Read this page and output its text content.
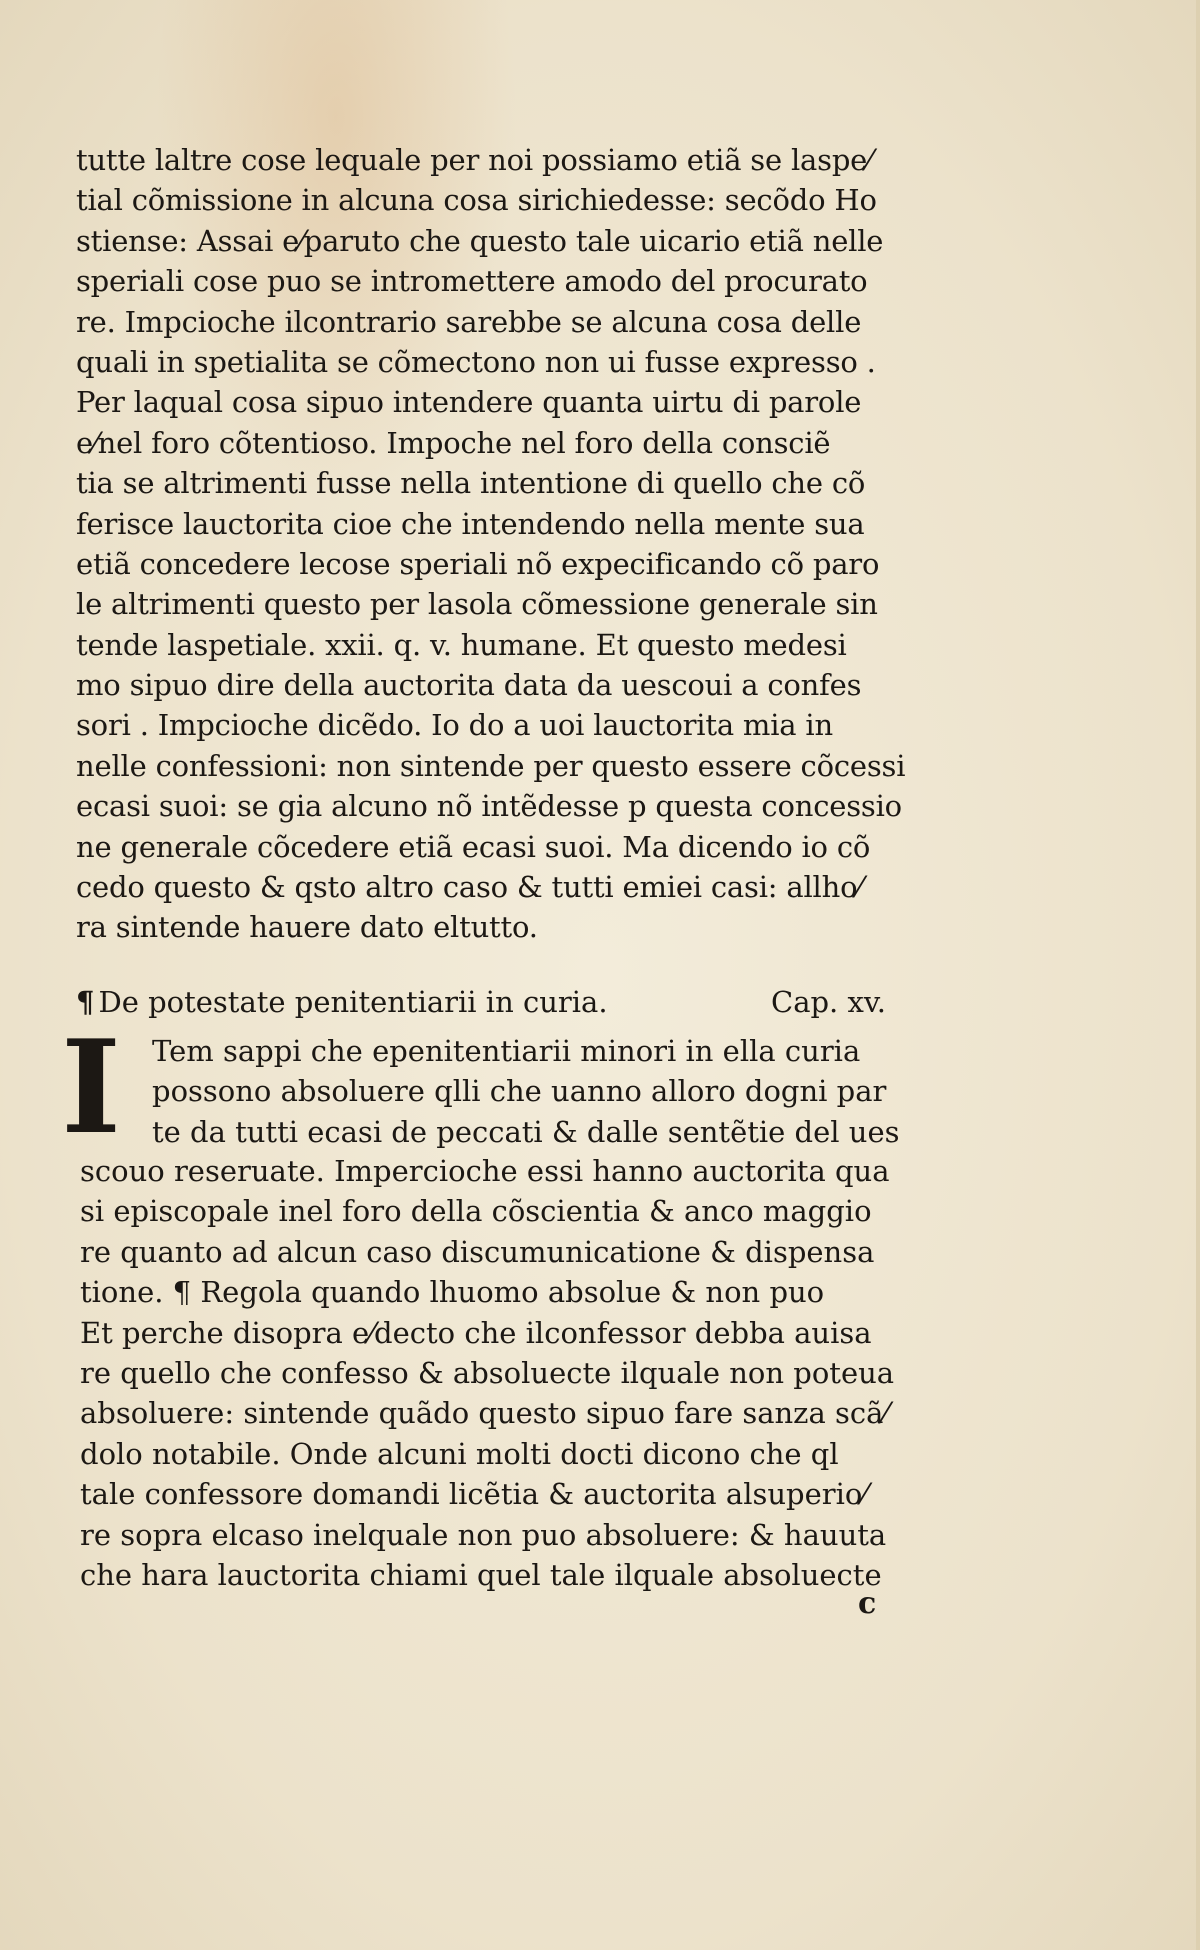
tutte laltre cose lequale per noi possiamo etiã se laspe⁄
tial cõmissione in alcuna cosa sirichiedesse: secõdo Ho
stiense: Assai e⁄paruto che questo tale uicario etiã nelle
speriali cose puo se intromettere amodo del procurato
re. Impcioche ilcontrario sarebbe se alcuna cosa delle
quali in spetialita se cõmectono non ui fusse expresso .
Per laqual cosa sipuo intendere quanta uirtu di parole
e⁄nel foro cõtentioso. Impoche nel foro della consciẽ
tia se altrimenti fusse nella intentione di quello che cõ
ferisce lauctorita cioe che intendendo nella mente sua
etiã concedere lecose speriali nõ expecificando cõ paro
le altrimenti questo per lasola cõmessione generale sin
tende laspetiale. xxii. q. v. humane. Et questo medesi
mo sipuo dire della auctorita data da uescoui a confes
sori . Impcioche dicẽdo. Io do a uoi lauctorita mia in
nelle confessioni: non sintende per questo essere cõcessi
ecasi suoi: se gia alcuno nõ intẽdesse p questa concessio
ne generale cõcedere etiã ecasi suoi. Ma dicendo io cõ
cedo questo & qsto altro caso & tutti emiei casi: allho⁄
ra sintende hauere dato eltutto.
¶ De potestate penitentiarii in curia.	Cap. xv.
I	Tem sappi che epenitentiarii minori in ella curia
possono absoluere qlli che uanno alloro dogni par
te da tutti ecasi de peccati & dalle sentẽtie del ues
scouo reseruate. Impercioche essi hanno auctorita qua
si episcopale inel foro della cõscientia & anco maggio
re quanto ad alcun caso discumunicatione & dispensa
tione. ¶ Regola quando lhuomo absolue & non puo
Et perche disopra e⁄decto che ilconfessor debba auisa
re quello che confesso & absoluecte ilquale non poteua
absoluere: sintende quãdo questo sipuo fare sanza scã⁄
dolo notabile. Onde alcuni molti docti dicono che ql
tale confessore domandi licẽtia & auctorita alsuperio⁄
re sopra elcaso inelquale non puo absoluere: & hauuta
che hara lauctorita chiami quel tale ilquale absoluecte
c
